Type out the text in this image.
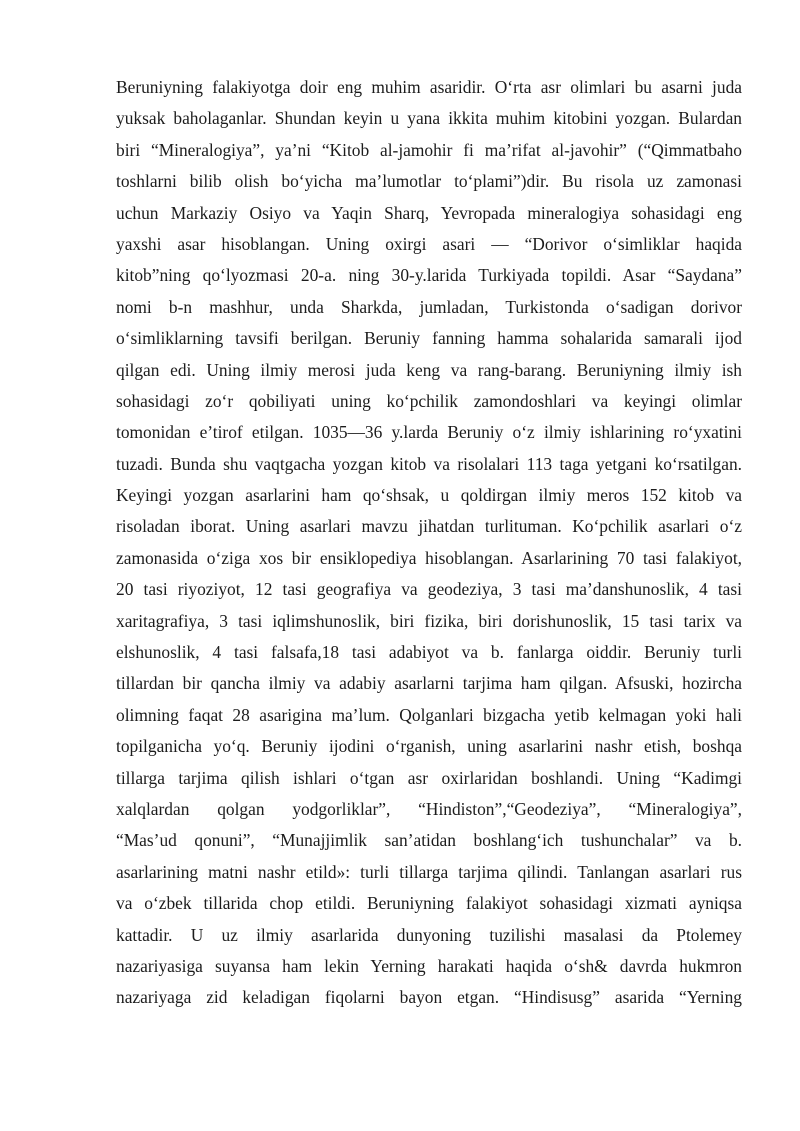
Beruniyning falakiyotga doir eng muhim asaridir. O‘rta asr olimlari bu asarni juda
yuksak baholaganlar. Shundan keyin u yana ikkita muhim kitobini yozgan. Bulardan
biri “Mineralogiya”, ya’ni “Kitob al-jamohir fi ma’rifat al-javohir” (“Qimmatbaho
toshlarni bilib olish bo‘yicha ma’lumotlar to‘plami”)dir. Bu risola uz zamonasi
uchun Markaziy Osiyo va Yaqin Sharq, Yevropada mineralogiya sohasidagi eng
yaxshi asar hisoblangan. Uning oxirgi asari — “Dorivor o‘simliklar haqida
kitob”ning qo‘lyozmasi 20-a. ning 30-y.larida Turkiyada topildi. Asar “Saydana”
nomi b-n mashhur, unda Sharkda, jumladan, Turkistonda o‘sadigan dorivor
o‘simliklarning tavsifi berilgan. Beruniy fanning hamma sohalarida samarali ijod
qilgan edi. Uning ilmiy merosi juda keng va rang-barang. Beruniyning ilmiy ish
sohasidagi zo‘r qobiliyati uning ko‘pchilik zamondoshlari va keyingi olimlar
tomonidan e’tirof etilgan. 1035—36 y.larda Beruniy o‘z ilmiy ishlarining ro‘yxatini
tuzadi. Bunda shu vaqtgacha yozgan kitob va risolalari 113 taga yetgani ko‘rsatilgan.
Keyingi yozgan asarlarini ham qo‘shsak, u qoldirgan ilmiy meros 152 kitob va
risoladan iborat. Uning asarlari mavzu jihatdan turlituman. Ko‘pchilik asarlari o‘z
zamonasida o‘ziga xos bir ensiklopediya hisoblangan. Asarlarining 70 tasi falakiyot,
20 tasi riyoziyot, 12 tasi geografiya va geodeziya, 3 tasi ma’danshunoslik, 4 tasi
xaritagrafiya, 3 tasi iqlimshunoslik, biri fizika, biri dorishunoslik, 15 tasi tarix va
elshunoslik, 4 tasi falsafa,18 tasi adabiyot va b. fanlarga oiddir. Beruniy turli
tillardan bir qancha ilmiy va adabiy asarlarni tarjima ham qilgan. Afsuski, hozircha
olimning faqat 28 asarigina ma’lum. Qolganlari bizgacha yetib kelmagan yoki hali
topilganicha yo‘q. Beruniy ijodini o‘rganish, uning asarlarini nashr etish, boshqa
tillarga tarjima qilish ishlari o‘tgan asr oxirlaridan boshlandi. Uning “Kadimgi
xalqlardan qolgan yodgorliklar”, “Hindiston”,“Geodeziya”, “Mineralogiya”,
“Mas’ud qonuni”, “Munajjimlik san’atidan boshlang‘ich tushunchalar” va b.
asarlarining matni nashr etild»: turli tillarga tarjima qilindi. Tanlangan asarlari rus
va o‘zbek tillarida chop etildi. Beruniyning falakiyot sohasidagi xizmati ayniqsa
kattadir. U uz ilmiy asarlarida dunyoning tuzilishi masalasi da Ptolemey
nazariyasiga suyansa ham lekin Yerning harakati haqida o‘sh& davrda hukmron
nazariyaga zid keladigan fiqolarni bayon etgan. “Hindisusg” asarida “Yerning
